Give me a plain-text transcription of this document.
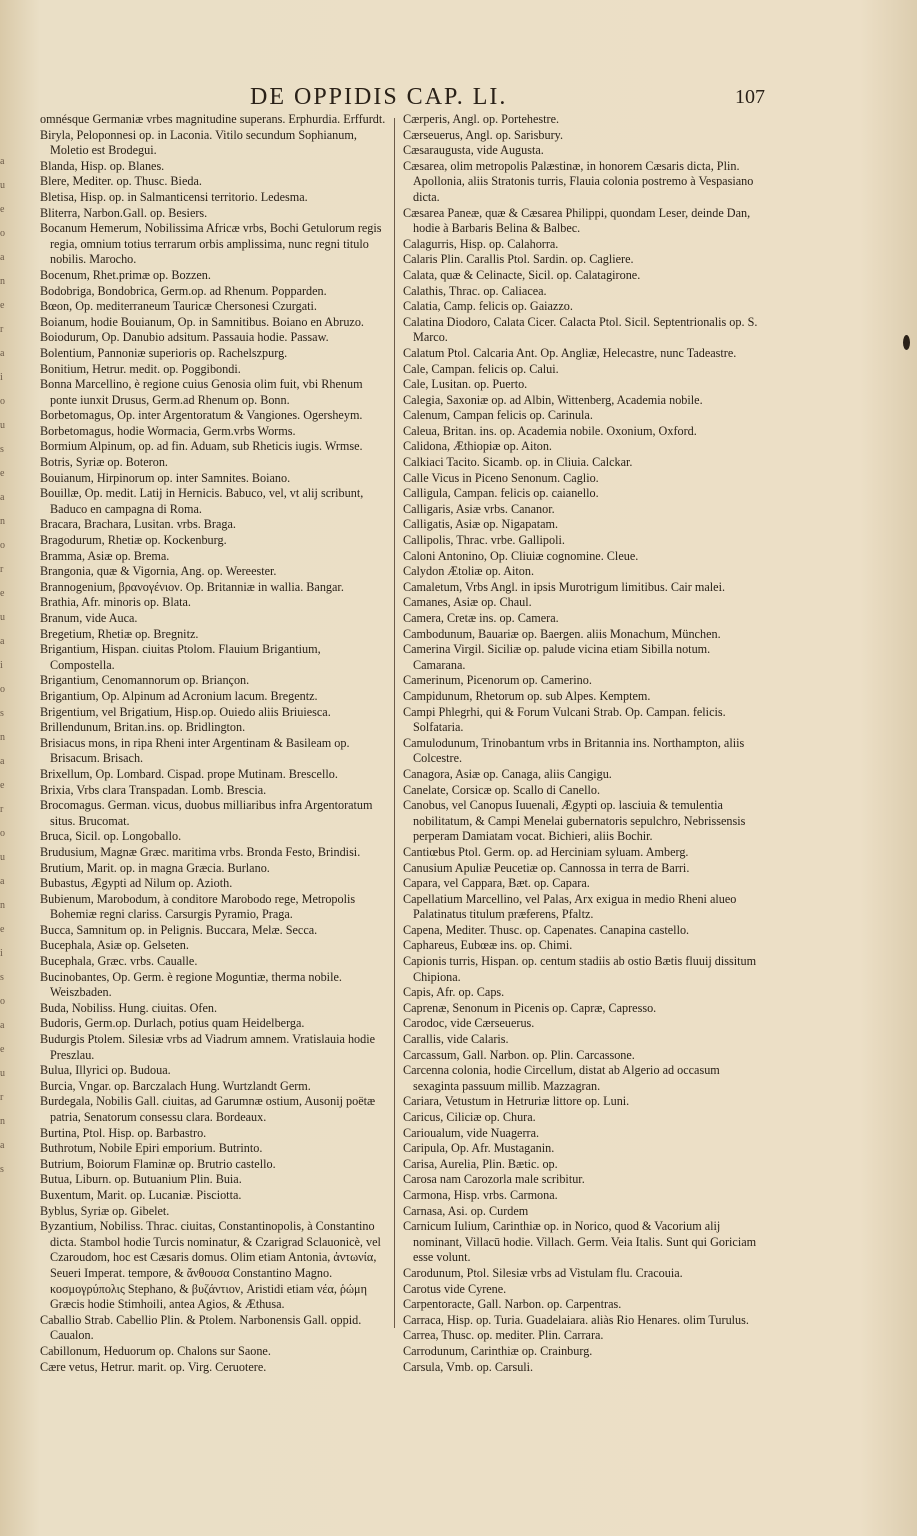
a
u
e
o
a
n
e
r
a
i
o
u
s
e
a
n
o
r
e
u
a
i
o
s
n
a
e
r
o
u
a
n
e
i
s
o
a
e
u
r
n
a
s
DE OPPIDIS CAP. LI.	107

omnésque Germaniæ vrbes magnitudine superans. Erphurdia. Erffurdt.

Biryla, Peloponnesi op. in Laconia. Vitilo secundum Sophianum, Moletio est Brodegui.

Blanda, Hisp. op. Blanes.

Blere, Mediter. op. Thusc. Bieda.

Bletisa, Hisp. op. in Salmanticensi territorio. Ledesma.

Bliterra, Narbon.Gall. op. Besiers.

Bocanum Hemerum, Nobilissima Africæ vrbs, Bochi Getulorum regis regia, omnium totius terrarum orbis amplissima, nunc regni titulo nobilis. Marocho.

Bocenum, Rhet.primæ op. Bozzen.

Bodobriga, Bondobrica, Germ.op. ad Rhenum. Popparden.

Bœon, Op. mediterraneum Tauricæ Chersonesi Czurgati.

Boianum, hodie Bouianum, Op. in Samnitibus. Boiano en Abruzo.

Boiodurum, Op. Danubio adsitum. Passauia hodie. Passaw.

Bolentium, Pannoniæ superioris op. Rachelszpurg.

Bonitium, Hetrur. medit. op. Poggibondi.

Bonna Marcellino, è regione cuius Genosia olim fuit, vbi Rhenum ponte iunxit Drusus, Germ.ad Rhenum op. Bonn.

Borbetomagus, Op. inter Argentoratum & Vangiones. Ogersheym.

Borbetomagus, hodie Wormacia, Germ.vrbs Worms.

Bormium Alpinum, op. ad fin. Aduam, sub Rheticis iugis. Wrmse.

Botris, Syriæ op. Boteron.

Bouianum, Hirpinorum op. inter Samnites. Boiano.

Bouillæ, Op. medit. Latij in Hernicis. Babuco, vel, vt alij scribunt, Baduco en campagna di Roma.

Bracara, Brachara, Lusitan. vrbs. Braga.

Bragodurum, Rhetiæ op. Kockenburg.

Bramma, Asiæ op. Brema.

Brangonia, quæ & Vigornia, Ang. op. Wereester.

Brannogenium, βρανογένιον. Op. Britanniæ in wallia. Bangar.

Brathia, Afr. minoris op. Blata.

Branum, vide Auca.

Bregetium, Rhetiæ op. Bregnitz.

Brigantium, Hispan. ciuitas Ptolom. Flauium Brigantium, Compostella.

Brigantium, Cenomannorum op. Briançon.

Brigantium, Op. Alpinum ad Acronium lacum. Bregentz.

Brigentium, vel Brigatium, Hisp.op. Ouiedo aliis Briuiesca.

Brillendunum, Britan.ins. op. Bridlington.

Brisiacus mons, in ripa Rheni inter Argentinam & Basileam op. Brisacum. Brisach.

Brixellum, Op. Lombard. Cispad. prope Mutinam. Brescello.

Brixia, Vrbs clara Transpadan. Lomb. Brescia.

Brocomagus. German. vicus, duobus milliaribus infra Argentoratum situs. Brucomat.

Bruca, Sicil. op. Longoballo.

Brudusium, Magnæ Græc. maritima vrbs. Bronda Festo, Brindisi.

Brutium, Marit. op. in magna Græcia. Burlano.

Bubastus, Ægypti ad Nilum op. Azioth.

Bubienum, Marobodum, à conditore Marobodo rege, Metropolis Bohemiæ regni clariss. Carsurgis Pyramio, Praga.

Bucca, Samnitum op. in Pelignis. Buccara, Melæ. Secca.

Bucephala, Asiæ op. Gelseten.

Bucephala, Græc. vrbs. Caualle.

Bucinobantes, Op. Germ. è regione Moguntiæ, therma nobile. Weiszbaden.

Buda, Nobiliss. Hung. ciuitas. Ofen.

Budoris, Germ.op. Durlach, potius quam Heidelberga.

Budurgis Ptolem. Silesiæ vrbs ad Viadrum amnem. Vratislauia hodie Preszlau.

Bulua, Illyrici op. Budoua.

Burcia, Vngar. op. Barczalach Hung. Wurtzlandt Germ.

Burdegala, Nobilis Gall. ciuitas, ad Garumnæ ostium, Ausonij poëtæ patria, Senatorum consessu clara. Bordeaux.

Burtina, Ptol. Hisp. op. Barbastro.

Buthrotum, Nobile Epiri emporium. Butrinto.

Butrium, Boiorum Flaminæ op. Brutrio castello.

Butua, Liburn. op. Butuanium Plin. Buia.

Buxentum, Marit. op. Lucaniæ. Pisciotta.

Byblus, Syriæ op. Gibelet.

Byzantium, Nobiliss. Thrac. ciuitas, Constantinopolis, à Constantino dicta. Stambol hodie Turcis nominatur, & Czarigrad Sclauonicè, vel Czaroudom, hoc est Cæsaris domus. Olim etiam Antonia, ἀντωνία, Seueri Imperat. tempore, & ἄνθουσα Constantino Magno. κοσμογρύπολις Stephano, & βυζάντιον, Aristidi etiam νέα, ῥώμη Græcis hodie Stimhoili, antea Agios, & Æthusa.

Caballio Strab. Cabellio Plin. & Ptolem. Narbonensis Gall. oppid. Caualon.

Cabillonum, Heduorum op. Chalons sur Saone.

Cære vetus, Hetrur. marit. op. Virg. Ceruotere.

Cærperis, Angl. op. Portehestre.

Cærseuerus, Angl. op. Sarisbury.

Cæsaraugusta, vide Augusta.

Cæsarea, olim metropolis Palæstinæ, in honorem Cæsaris dicta, Plin. Apollonia, aliis Stratonis turris, Flauia colonia postremo à Vespasiano dicta.

Cæsarea Paneæ, quæ & Cæsarea Philippi, quondam Leser, deinde Dan, hodie à Barbaris Belina & Balbec.

Calagurris, Hisp. op. Calahorra.

Calaris Plin. Carallis Ptol. Sardin. op. Cagliere.

Calata, quæ & Celinacte, Sicil. op. Calatagirone.

Calathis, Thrac. op. Caliacea.

Calatia, Camp. felicis op. Gaiazzo.

Calatina Diodoro, Calata Cicer. Calacta Ptol. Sicil. Septentrionalis op. S. Marco.

Calatum Ptol. Calcaria Ant. Op. Angliæ, Helecastre, nunc Tadeastre.

Cale, Campan. felicis op. Calui.

Cale, Lusitan. op. Puerto.

Calegia, Saxoniæ op. ad Albin, Wittenberg, Academia nobile.

Calenum, Campan felicis op. Carinula.

Caleua, Britan. ins. op. Academia nobile. Oxonium, Oxford.

Calidona, Æthiopiæ op. Aiton.

Calkiaci Tacito. Sicamb. op. in Cliuia. Calckar.

Calle Vicus in Piceno Senonum. Caglio.

Calligula, Campan. felicis op. caianello.

Calligaris, Asiæ vrbs. Cananor.

Calligatis, Asiæ op. Nigapatam.

Callipolis, Thrac. vrbe. Gallipoli.

Caloni Antonino, Op. Cliuiæ cognomine. Cleue.

Calydon Ætoliæ op. Aiton.

Camaletum, Vrbs Angl. in ipsis Murotrigum limitibus. Cair malei.

Camanes, Asiæ op. Chaul.

Camera, Cretæ ins. op. Camera.

Cambodunum, Bauariæ op. Baergen. aliis Monachum, München.

Camerina Virgil. Siciliæ op. palude vicina etiam Sibilla notum. Camarana.

Camerinum, Picenorum op. Camerino.

Campidunum, Rhetorum op. sub Alpes. Kemptem.

Campi Phlegrhi, qui & Forum Vulcani Strab. Op. Campan. felicis. Solfataria.

Camulodunum, Trinobantum vrbs in Britannia ins. Northampton, aliis Colcestre.

Canagora, Asiæ op. Canaga, aliis Cangigu.

Canelate, Corsicæ op. Scallo di Canello.

Canobus, vel Canopus Iuuenali, Ægypti op. lasciuia & temulentia nobilitatum, & Campi Menelai gubernatoris sepulchro, Nebrissensis perperam Damiatam vocat. Bichieri, aliis Bochir.

Cantiœbus Ptol. Germ. op. ad Herciniam syluam. Amberg.

Canusium Apuliæ Peucetiæ op. Cannossa in terra de Barri.

Capara, vel Cappara, Bæt. op. Capara.

Capellatium Marcellino, vel Palas, Arx exigua in medio Rheni alueo Palatinatus titulum præferens, Pfaltz.

Capena, Mediter. Thusc. op. Capenates. Canapina castello.

Caphareus, Eubœæ ins. op. Chimi.

Capionis turris, Hispan. op. centum stadiis ab ostio Bætis fluuij dissitum Chipiona.

Capis, Afr. op. Caps.

Caprenæ, Senonum in Picenis op. Capræ, Capresso.

Carodoc, vide Cærseuerus.

Carallis, vide Calaris.

Carcassum, Gall. Narbon. op. Plin. Carcassone.

Carcenna colonia, hodie Circellum, distat ab Algerio ad occasum sexaginta passuum millib. Mazzagran.

Cariara, Vetustum in Hetruriæ littore op. Luni.

Caricus, Ciliciæ op. Chura.

Carioualum, vide Nuagerra.

Caripula, Op. Afr. Mustaganin.

Carisa, Aurelia, Plin. Bætic. op.

Carosa nam Carozorla male scribitur.

Carmona, Hisp. vrbs. Carmona.

Carnasa, Asi. op. Curdem

Carnicum Iulium, Carinthiæ op. in Norico, quod & Vacorium alij nominant, Villacū hodie. Villach. Germ. Veia Italis. Sunt qui Goriciam esse volunt.

Carodunum, Ptol. Silesiæ vrbs ad Vistulam flu. Cracouia.

Carotus vide Cyrene.

Carpentoracte, Gall. Narbon. op. Carpentras.

Carraca, Hisp. op. Turia. Guadelaiara. aliàs Rio Henares. olim Turulus.

Carrea, Thusc. op. mediter. Plin. Carrara.

Carrodunum, Carinthiæ op. Crainburg.

Carsula, Vmb. op. Carsuli.
